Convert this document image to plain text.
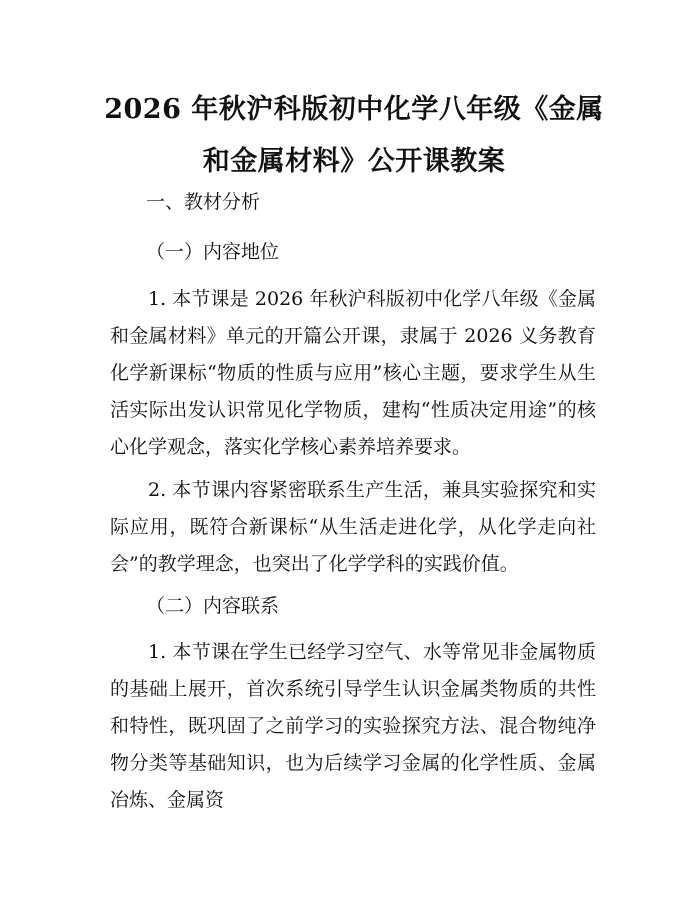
2026 年秋沪科版初中化学八年级《金属和金属材料》公开课教案
一、教材分析
（一）内容地位

1. 本节课是 2026 年秋沪科版初中化学八年级《金属和金属材料》单元的开篇公开课，隶属于 2026 义务教育化学新课标“物质的性质与应用”核心主题，要求学生从生活实际出发认识常见化学物质，建构“性质决定用途”的核心化学观念，落实化学核心素养培养要求。

2. 本节课内容紧密联系生产生活，兼具实验探究和实际应用，既符合新课标“从生活走进化学，从化学走向社会”的教学理念，也突出了化学学科的实践价值。

（二）内容联系

1. 本节课在学生已经学习空气、水等常见非金属物质的基础上展开，首次系统引导学生认识金属类物质的共性和特性，既巩固了之前学习的实验探究方法、混合物纯净物分类等基础知识，也为后续学习金属的化学性质、金属冶炼、金属资
